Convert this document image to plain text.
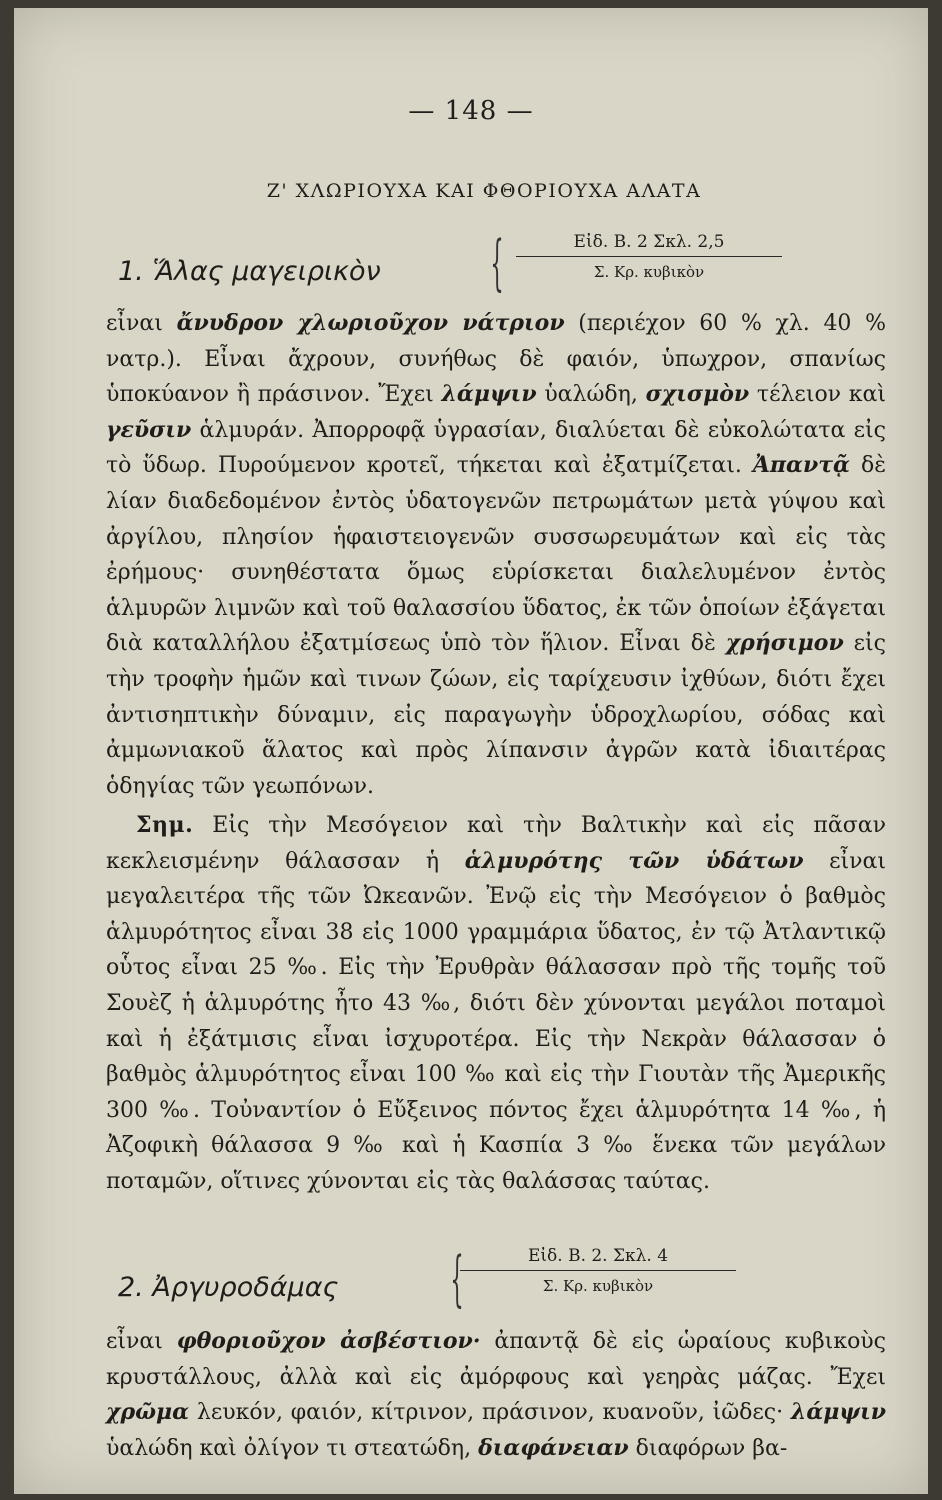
— 148 —
Ζ' ΧΛΩΡΙΟΥΧΑ ΚΑΙ ΦΘΟΡΙΟΥΧΑ ΑΛΑΤΑ
1. Ἅλας μαγειρικὸν {	Εἰδ. Β. 2 Σκλ. 2,5
Σ. Κρ. κυβικὸν
εἶναι ἄνυδρον χλωριοῦχον νάτριον (περιέχον 60 % χλ. 40 % νατρ.). Εἶναι ἄχρουν, συνήθως δὲ φαιόν, ὑπωχρον, σπανίως ὑποκύανον ἢ πράσινον. Ἔχει λάμψιν ὑαλώδη, σχισμὸν τέλειον καὶ γεῦσιν ἁλμυράν. Ἀπορροφᾷ ὑγρασίαν, διαλύεται δὲ εὐκολώτατα εἰς τὸ ὕδωρ. Πυρούμενον κροτεῖ, τήκεται καὶ ἐξατμίζεται. Ἀπαντᾷ δὲ λίαν διαδεδομένον ἐντὸς ὑδατογενῶν πετρωμάτων μετὰ γύψου καὶ ἀργίλου, πλησίον ἡφαιστειογενῶν συσσωρευμάτων καὶ εἰς τὰς ἐρήμους· συνηθέστατα ὅμως εὑρίσκεται διαλελυμένον ἐντὸς ἁλμυρῶν λιμνῶν καὶ τοῦ θαλασσίου ὕδατος, ἐκ τῶν ὁποίων ἐξάγεται διὰ καταλλήλου ἐξατμίσεως ὑπὸ τὸν ἥλιον. Εἶναι δὲ χρήσιμον εἰς τὴν τροφὴν ἡμῶν καὶ τινων ζώων, εἰς ταρίχευσιν ἰχθύων, διότι ἔχει ἀντισηπτικὴν δύναμιν, εἰς παραγωγὴν ὑδροχλωρίου, σόδας καὶ ἀμμωνιακοῦ ἅλατος καὶ πρὸς λίπανσιν ἀγρῶν κατὰ ἰδιαιτέρας ὁδηγίας τῶν γεωπόνων.
Σημ. Εἰς τὴν Μεσόγειον καὶ τὴν Βαλτικὴν καὶ εἰς πᾶσαν κεκλεισμένην θάλασσαν ἡ ἁλμυρότης τῶν ὑδάτων εἶναι μεγαλειτέρα τῆς τῶν Ὠκεανῶν. Ἐνῷ εἰς τὴν Μεσόγειον ὁ βαθμὸς ἁλμυρότητος εἶναι 38 εἰς 1000 γραμμάρια ὕδατος, ἐν τῷ Ἀτλαντικῷ οὗτος εἶναι 25 ‰. Εἰς τὴν Ἐρυθρὰν θάλασσαν πρὸ τῆς τομῆς τοῦ Σουὲζ ἡ ἁλμυρότης ἦτο 43 ‰, διότι δὲν χύνονται μεγάλοι ποταμοὶ καὶ ἡ ἐξάτμισις εἶναι ἰσχυροτέρα. Εἰς τὴν Νεκρὰν θάλασσαν ὁ βαθμὸς ἁλμυρότητος εἶναι 100 ‰ καὶ εἰς τὴν Γιουτὰν τῆς Ἀμερικῆς 300 ‰. Τοὐναντίον ὁ Εὔξεινος πόντος ἔχει ἁλμυρότητα 14 ‰, ἡ Ἀζοφικὴ θάλασσα 9 ‰ καὶ ἡ Κασπία 3 ‰ ἕνεκα τῶν μεγάλων ποταμῶν, οἵτινες χύνονται εἰς τὰς θαλάσσας ταύτας.
2. Ἀργυροδάμας {	Εἰδ. Β. 2. Σκλ. 4
Σ. Κρ. κυβικὸν
εἶναι φθοριοῦχον ἀσβέστιον· ἀπαντᾷ δὲ εἰς ὡραίους κυβικοὺς κρυστάλλους, ἀλλὰ καὶ εἰς ἀμόρφους καὶ γεηρὰς μάζας. Ἔχει χρῶμα λευκόν, φαιόν, κίτρινον, πράσινον, κυανοῦν, ἰῶδες· λάμψιν ὑαλώδη καὶ ὀλίγον τι στεατώδη, διαφάνειαν διαφόρων βα-
